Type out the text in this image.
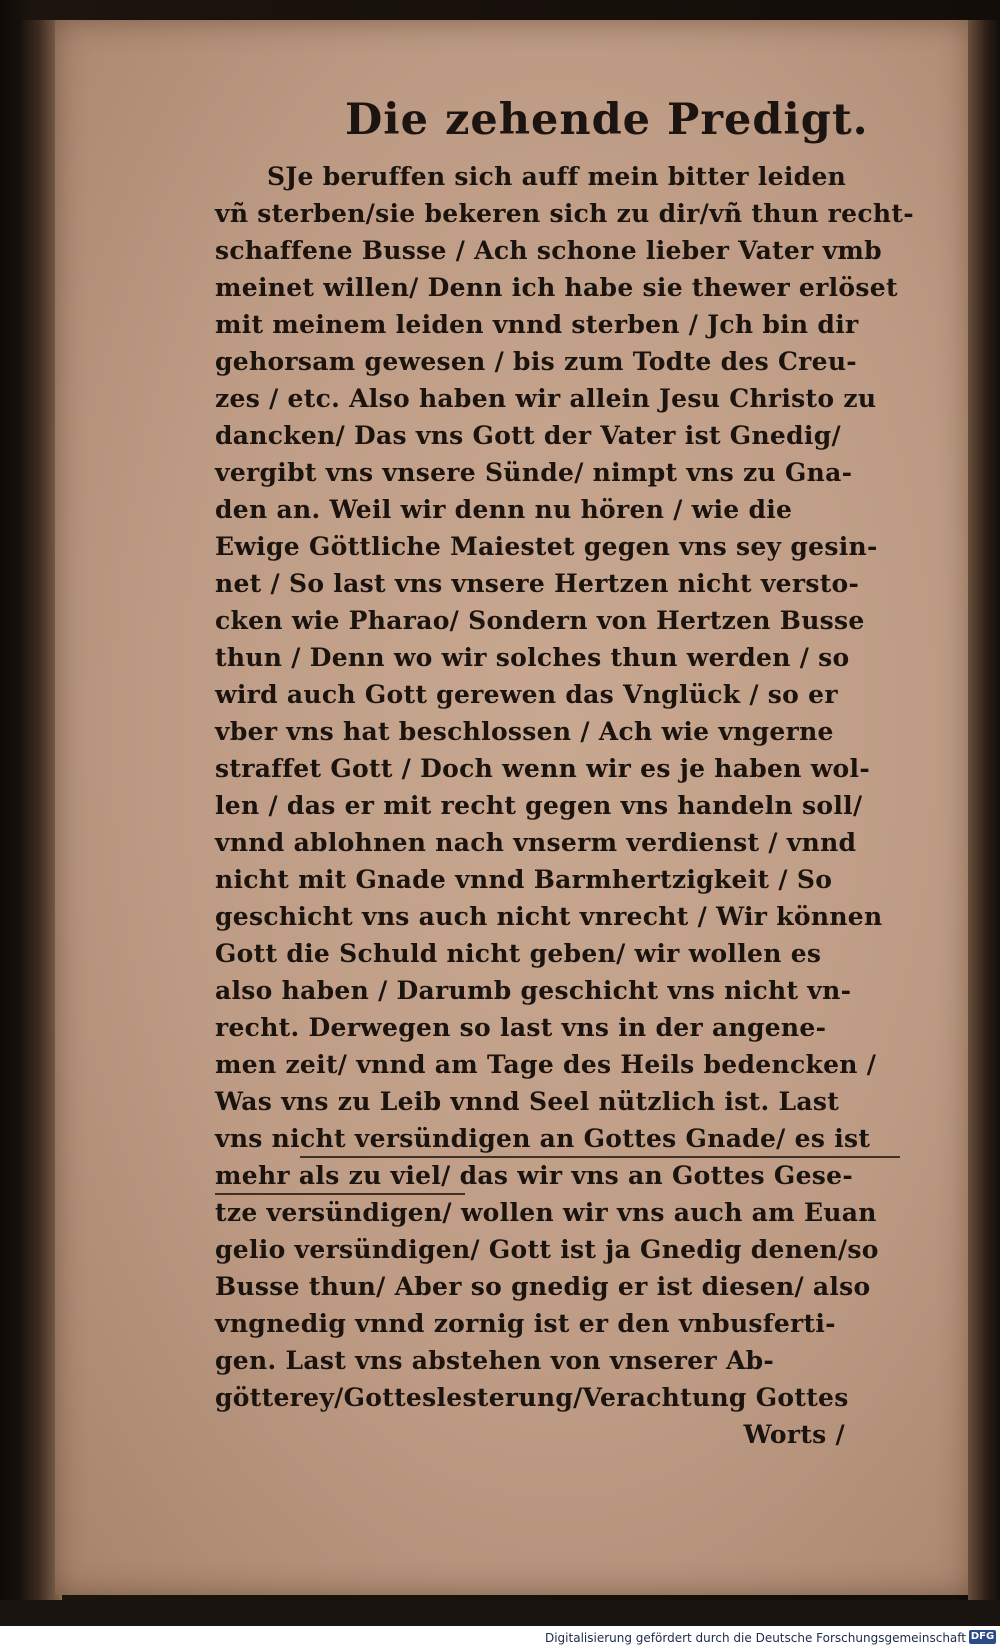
Die zehende Predigt.
SJe beruffen sich auff mein bitter leiden
vñ sterben/sie bekeren sich zu dir/vñ thun recht-
schaffene Busse / Ach schone lieber Vater vmb
meinet willen/ Denn ich habe sie thewer erlöset
mit meinem leiden vnnd sterben / Jch bin dir
gehorsam gewesen / bis zum Todte des Creu-
zes / etc. Also haben wir allein Jesu Christo zu
dancken/ Das vns Gott der Vater ist Gnedig/
vergibt vns vnsere Sünde/ nimpt vns zu Gna-
den an. Weil wir denn nu hören / wie die
Ewige Göttliche Maiestet gegen vns sey gesin-
net / So last vns vnsere Hertzen nicht versto-
cken wie Pharao/ Sondern von Hertzen Busse
thun / Denn wo wir solches thun werden / so
wird auch Gott gerewen das Vnglück / so er
vber vns hat beschlossen / Ach wie vngerne
straffet Gott / Doch wenn wir es je haben wol-
len / das er mit recht gegen vns handeln soll/
vnnd ablohnen nach vnserm verdienst / vnnd
nicht mit Gnade vnnd Barmhertzigkeit / So
geschicht vns auch nicht vnrecht / Wir können
Gott die Schuld nicht geben/ wir wollen es
also haben / Darumb geschicht vns nicht vn-
recht. Derwegen so last vns in der angene-
men zeit/ vnnd am Tage des Heils bedencken /
Was vns zu Leib vnnd Seel nützlich ist. Last
vns nicht versündigen an Gottes Gnade/ es ist
mehr als zu viel/ das wir vns an Gottes Gese-
tze versündigen/ wollen wir vns auch am Euan
gelio versündigen/ Gott ist ja Gnedig denen/so
Busse thun/ Aber so gnedig er ist diesen/ also
vngnedig vnnd zornig ist er den vnbusferti-
gen. Last vns abstehen von vnserer Ab-
götterey/Gotteslesterung/Verachtung Gottes
Worts /
Digitalisierung gefördert durch die Deutsche Forschungsgemeinschaft DFG
